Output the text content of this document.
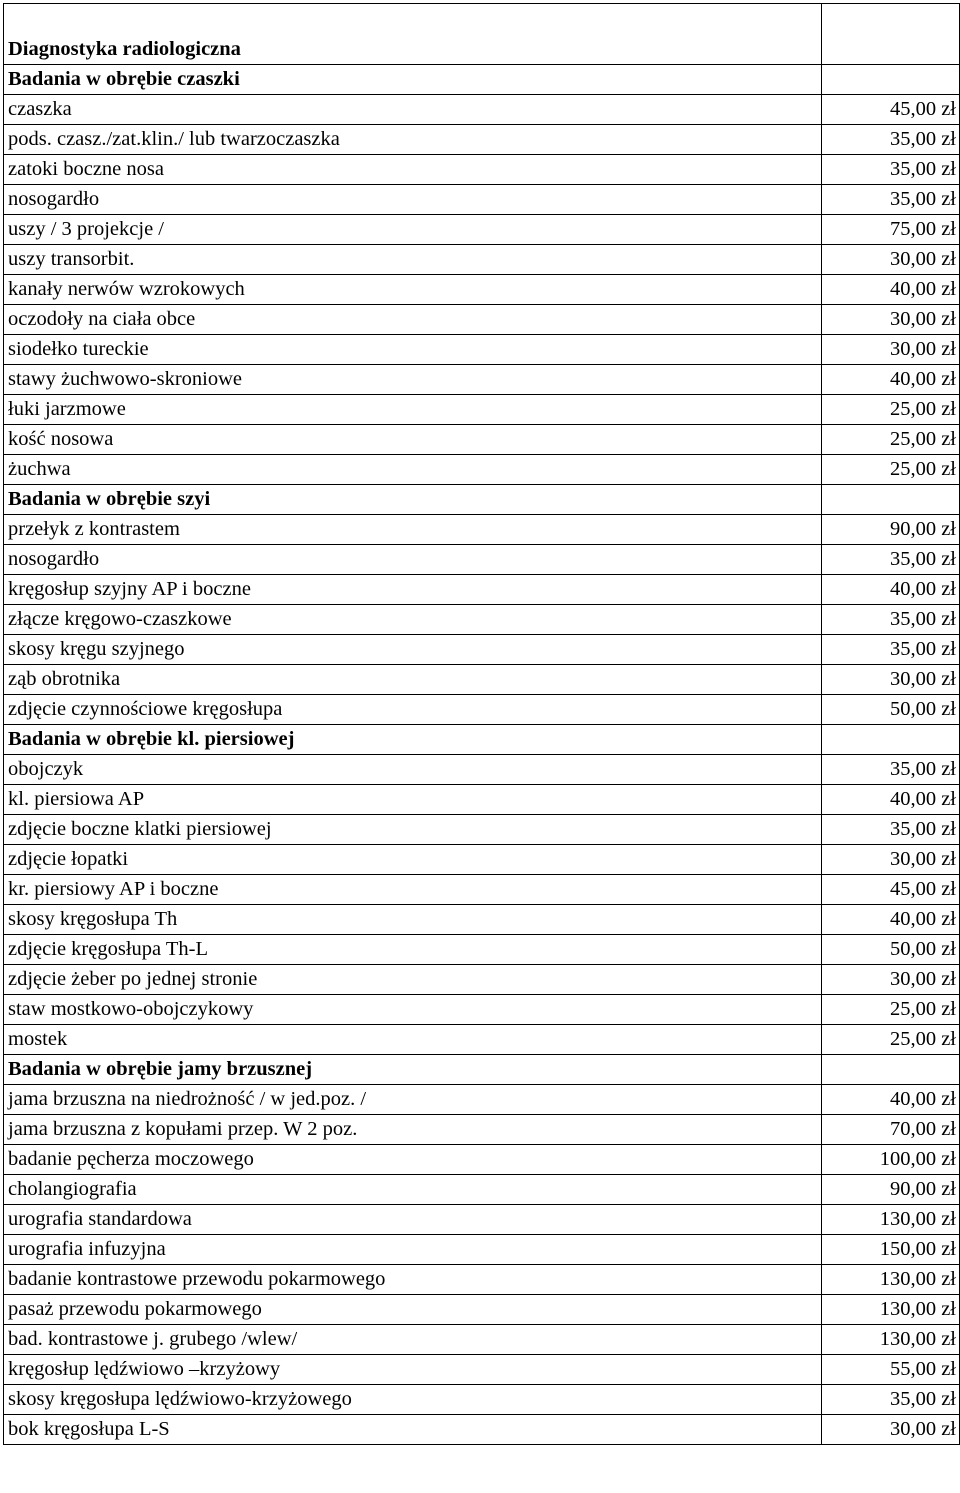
Diagnostyka radiologiczna	
Badania w obrębie czaszki	
czaszka	45,00 zł
pods. czasz./zat.klin./ lub twarzoczaszka	35,00 zł
zatoki boczne nosa	35,00 zł
nosogardło	35,00 zł
uszy / 3 projekcje /	75,00 zł
uszy transorbit.	30,00 zł
kanały nerwów wzrokowych	40,00 zł
oczodoły na ciała obce	30,00 zł
siodełko tureckie	30,00 zł
stawy żuchwowo-skroniowe	40,00 zł
łuki jarzmowe	25,00 zł
kość nosowa	25,00 zł
żuchwa	25,00 zł
Badania w obrębie szyi	
przełyk z kontrastem	90,00 zł
nosogardło	35,00 zł
kręgosłup szyjny AP i boczne	40,00 zł
złącze kręgowo-czaszkowe	35,00 zł
skosy kręgu szyjnego	35,00 zł
ząb obrotnika	30,00 zł
zdjęcie czynnościowe kręgosłupa	50,00 zł
Badania w obrębie kl. piersiowej	
obojczyk	35,00 zł
kl. piersiowa AP	40,00 zł
zdjęcie boczne klatki piersiowej	35,00 zł
zdjęcie łopatki	30,00 zł
kr. piersiowy AP i boczne	45,00 zł
skosy kręgosłupa Th	40,00 zł
zdjęcie kręgosłupa Th-L	50,00 zł
zdjęcie żeber po jednej stronie	30,00 zł
staw mostkowo-obojczykowy	25,00 zł
mostek	25,00 zł
Badania w obrębie jamy brzusznej	
jama brzuszna na niedrożność / w jed.poz. /	40,00 zł
jama brzuszna z kopułami przep. W 2 poz.	70,00 zł
badanie pęcherza moczowego	100,00 zł
cholangiografia	90,00 zł
urografia standardowa	130,00 zł
urografia infuzyjna	150,00 zł
badanie kontrastowe przewodu pokarmowego	130,00 zł
pasaż przewodu pokarmowego	130,00 zł
bad. kontrastowe j. grubego /wlew/	130,00 zł
kręgosłup lędźwiowo –krzyżowy	55,00 zł
skosy kręgosłupa lędźwiowo-krzyżowego	35,00 zł
bok kręgosłupa L-S	30,00 zł
